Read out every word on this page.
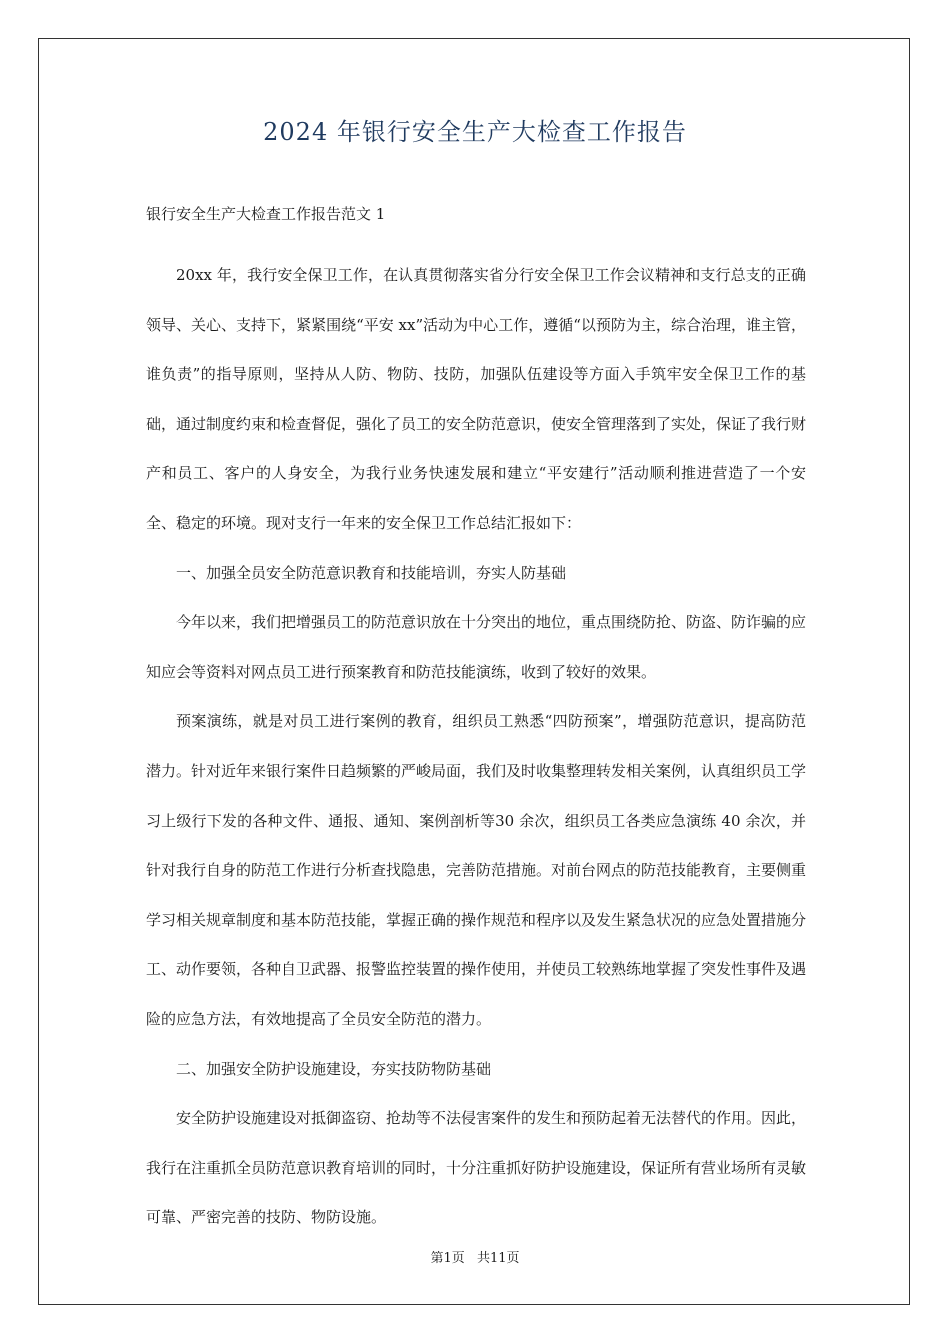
2024 年银行安全生产大检查工作报告

银行安全生产大检查工作报告范文 1

20xx 年，我行安全保卫工作，在认真贯彻落实省分行安全保卫工作会议精神和支行总支的正确领导、关心、支持下，紧紧围绕“平安 xx”活动为中心工作，遵循“以预防为主，综合治理，谁主管，谁负责”的指导原则，坚持从人防、物防、技防，加强队伍建设等方面入手筑牢安全保卫工作的基础，通过制度约束和检查督促，强化了员工的安全防范意识，使安全管理落到了实处，保证了我行财产和员工、客户的人身安全，为我行业务快速发展和建立“平安建行”活动顺利推进营造了一个安全、稳定的环境。现对支行一年来的安全保卫工作总结汇报如下：

一、加强全员安全防范意识教育和技能培训，夯实人防基础

今年以来，我们把增强员工的防范意识放在十分突出的地位，重点围绕防抢、防盗、防诈骗的应知应会等资料对网点员工进行预案教育和防范技能演练，收到了较好的效果。

预案演练，就是对员工进行案例的教育，组织员工熟悉“四防预案”，增强防范意识，提高防范潜力。针对近年来银行案件日趋频繁的严峻局面，我们及时收集整理转发相关案例，认真组织员工学习上级行下发的各种文件、通报、通知、案例剖析等30 余次，组织员工各类应急演练 40 余次，并针对我行自身的防范工作进行分析查找隐患，完善防范措施。对前台网点的防范技能教育，主要侧重学习相关规章制度和基本防范技能，掌握正确的操作规范和程序以及发生紧急状况的应急处置措施分工、动作要领，各种自卫武器、报警监控装置的操作使用，并使员工较熟练地掌握了突发性事件及遇险的应急方法，有效地提高了全员安全防范的潜力。

二、加强安全防护设施建设，夯实技防物防基础

安全防护设施建设对抵御盗窃、抢劫等不法侵害案件的发生和预防起着无法替代的作用。因此，我行在注重抓全员防范意识教育培训的同时，十分注重抓好防护设施建设，保证所有营业场所有灵敏可靠、严密完善的技防、物防设施。

第1页 共11页
